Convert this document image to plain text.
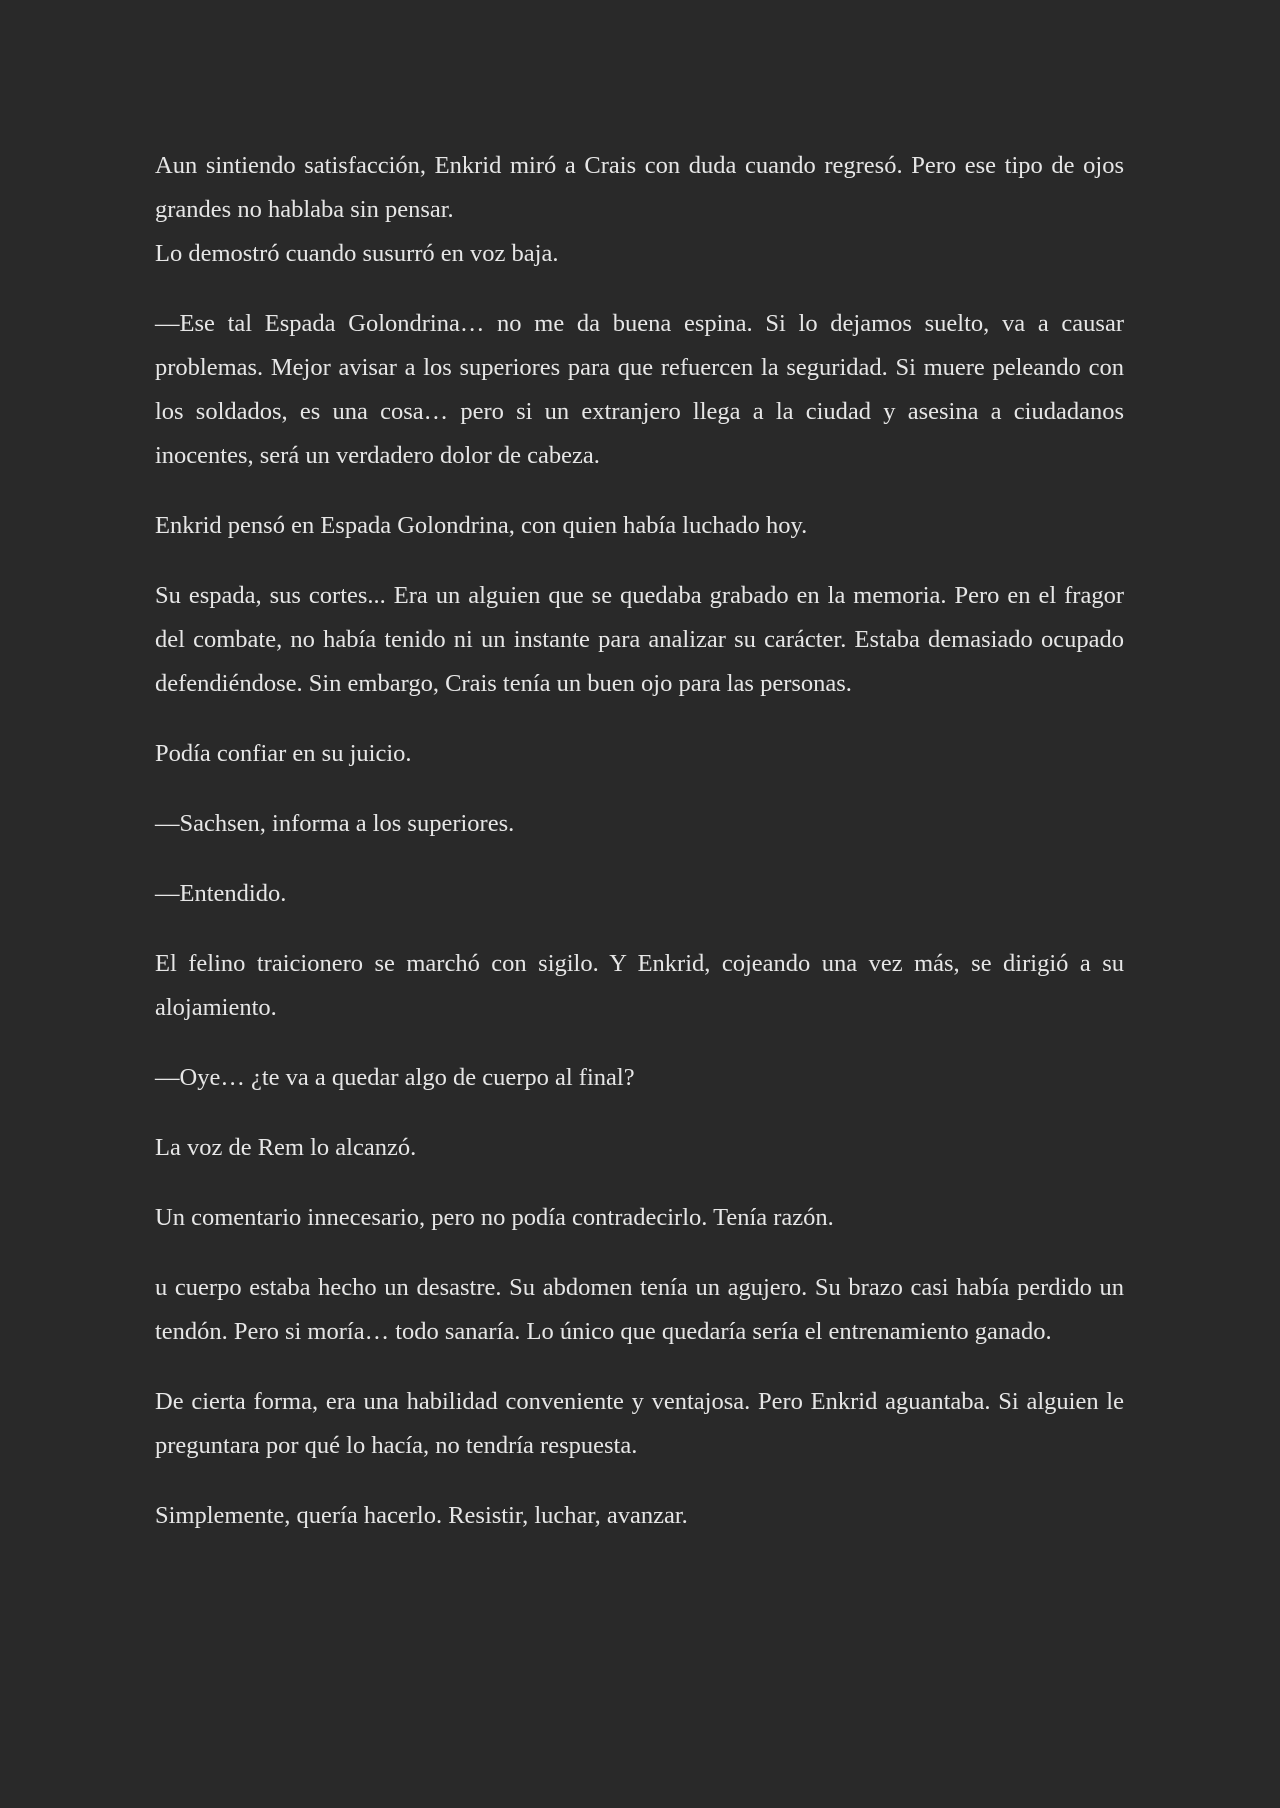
Aun sintiendo satisfacción, Enkrid miró a Crais con duda cuando regresó. Pero ese tipo de ojos grandes no hablaba sin pensar.
Lo demostró cuando susurró en voz baja.

—Ese tal Espada Golondrina… no me da buena espina. Si lo dejamos suelto, va a causar problemas. Mejor avisar a los superiores para que refuercen la seguridad. Si muere peleando con los soldados, es una cosa… pero si un extranjero llega a la ciudad y asesina a ciudadanos inocentes, será un verdadero dolor de cabeza.

Enkrid pensó en Espada Golondrina, con quien había luchado hoy.

Su espada, sus cortes... Era un alguien que se quedaba grabado en la memoria. Pero en el fragor del combate, no había tenido ni un instante para analizar su carácter. Estaba demasiado ocupado defendiéndose. Sin embargo, Crais tenía un buen ojo para las personas.

Podía confiar en su juicio.

—Sachsen, informa a los superiores.

—Entendido.

El felino traicionero se marchó con sigilo. Y Enkrid, cojeando una vez más, se dirigió a su alojamiento.

—Oye… ¿te va a quedar algo de cuerpo al final?

La voz de Rem lo alcanzó.

Un comentario innecesario, pero no podía contradecirlo. Tenía razón.

u cuerpo estaba hecho un desastre. Su abdomen tenía un agujero. Su brazo casi había perdido un tendón. Pero si moría… todo sanaría. Lo único que quedaría sería el entrenamiento ganado.

De cierta forma, era una habilidad conveniente y ventajosa. Pero Enkrid aguantaba. Si alguien le preguntara por qué lo hacía, no tendría respuesta.

Simplemente, quería hacerlo. Resistir, luchar, avanzar.
